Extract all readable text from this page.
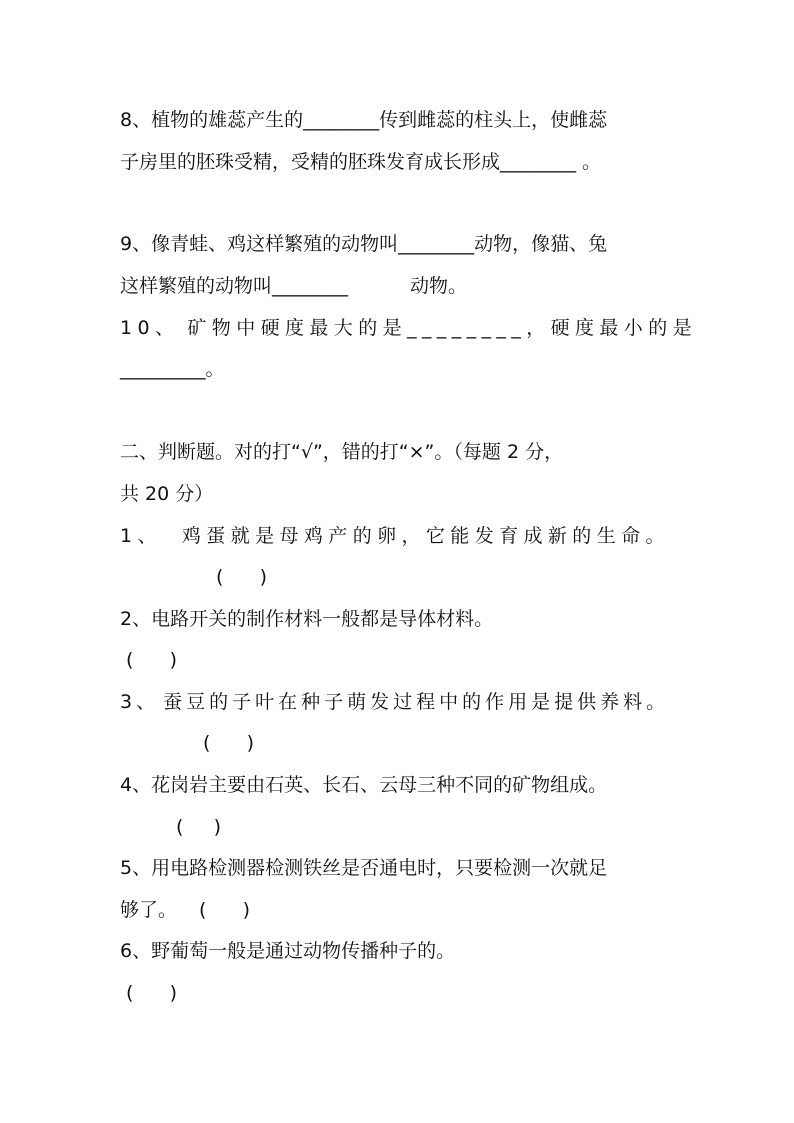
8、植物的雄蕊产生的________传到雌蕊的柱头上，使雌蕊
子房里的胚珠受精，受精的胚珠发育成长形成________ 。
9、像青蛙、鸡这样繁殖的动物叫________动物，像猫、兔
这样繁殖的动物叫________	动物。
10、 矿物中硬度最大的是________，硬度最小的是
_________。
二、判断题。对的打“√”，错的打“×”。（每题 2 分，
共 20 分）
1、 鸡蛋就是母鸡产的卵，它能发育成新的生命。
(      )
2、电路开关的制作材料一般都是导体材料。
(      )
3、 蚕豆的子叶在种子萌发过程中的作用是提供养料。
(      )
4、花岗岩主要由石英、长石、云母三种不同的矿物组成。
(     )
5、用电路检测器检测铁丝是否通电时，只要检测一次就足
够了。 (      )
6、野葡萄一般是通过动物传播种子的。
(      )
